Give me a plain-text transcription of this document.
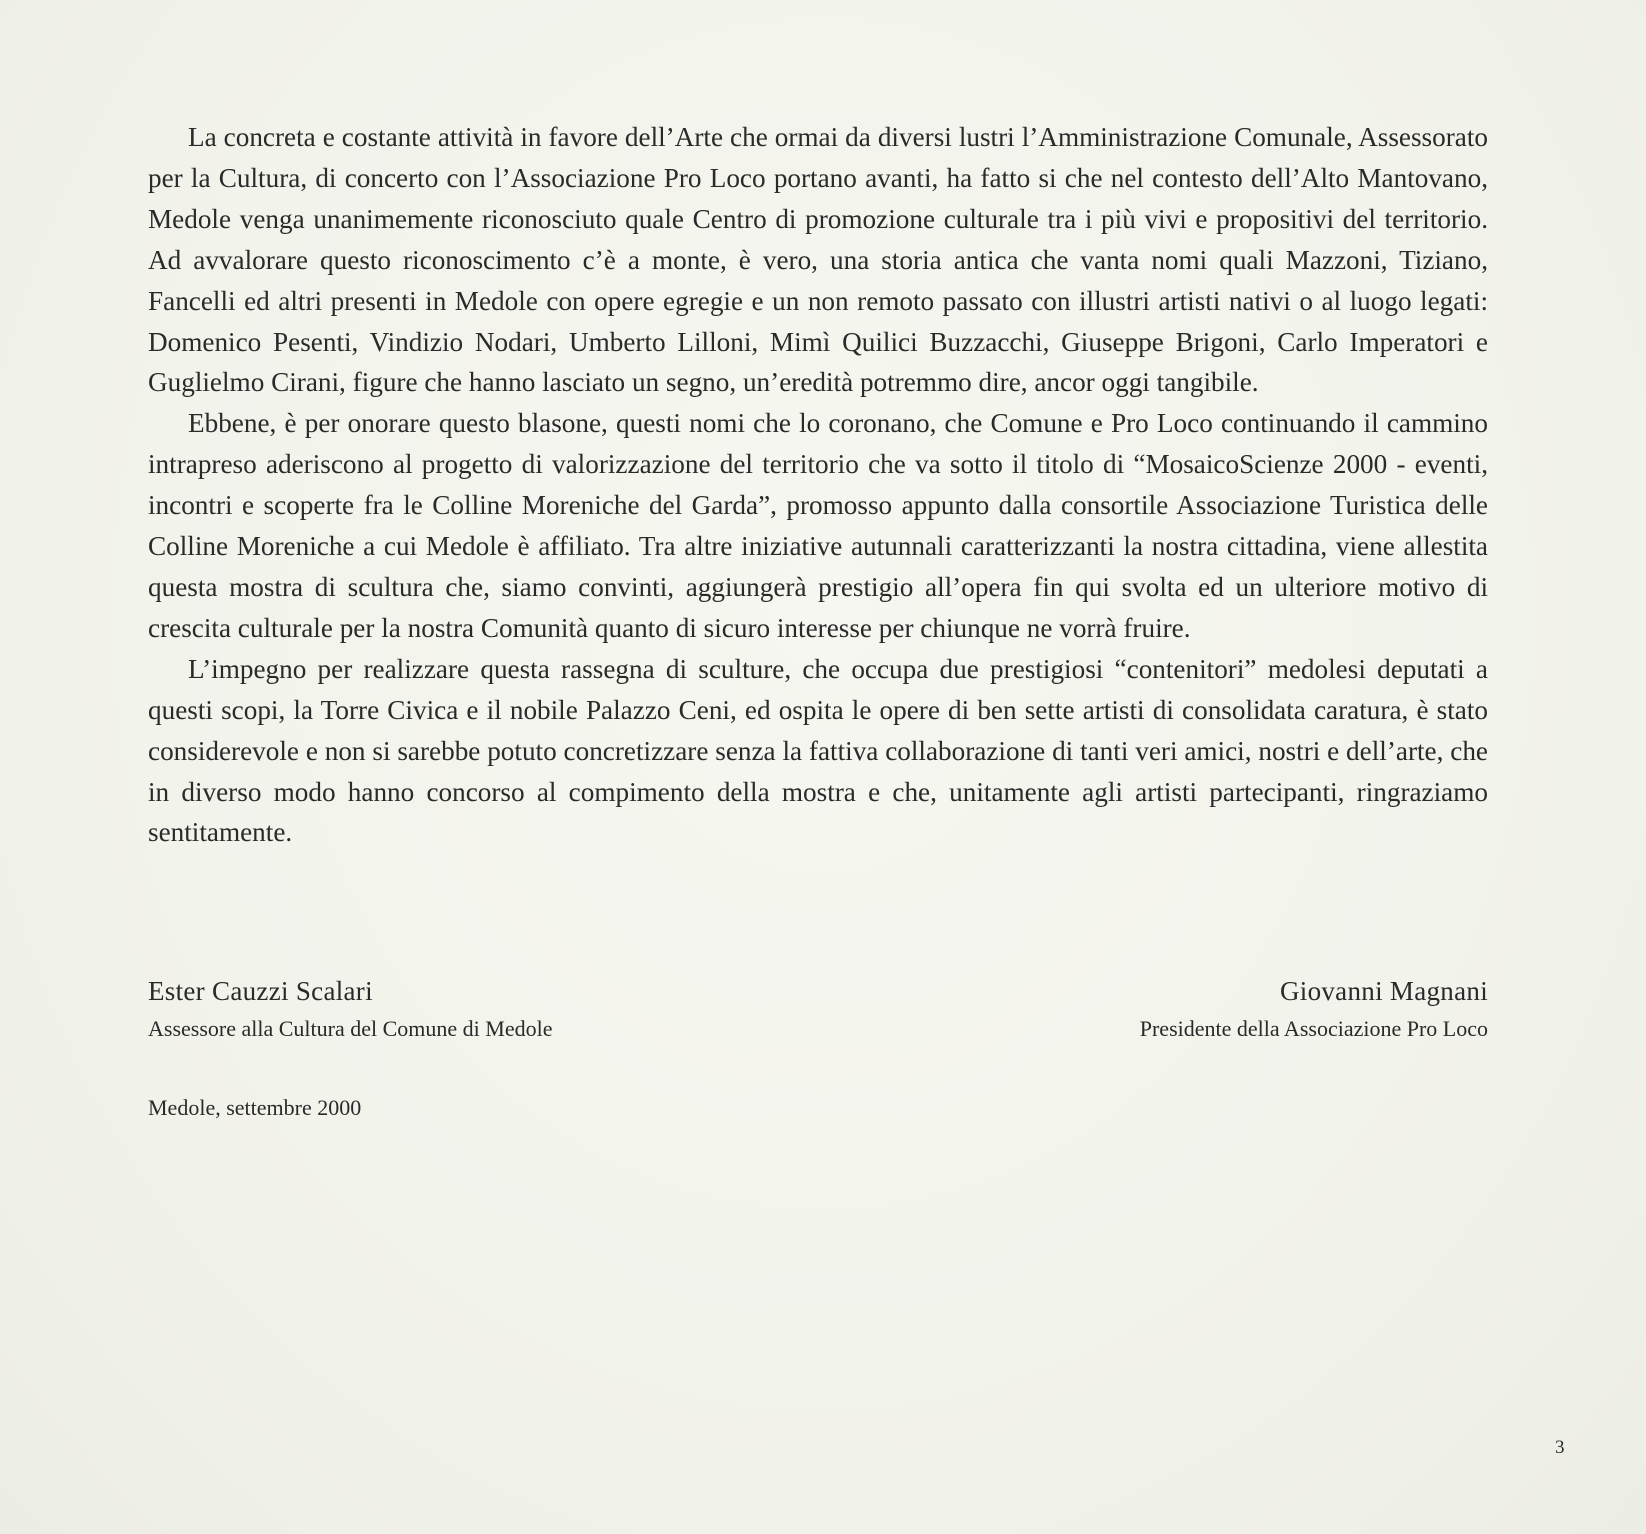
La concreta e costante attività in favore dell’Arte che ormai da diversi lustri l’Amministrazione Comunale, Assessorato per la Cultura, di concerto con l’Associazione Pro Loco portano avanti, ha fatto si che nel contesto dell’Alto Mantovano, Medole venga unanimemente riconosciuto quale Centro di promozione culturale tra i più vivi e propositivi del territorio. Ad avvalorare questo riconoscimento c’è a monte, è vero, una storia antica che vanta nomi quali Mazzoni, Tiziano, Fancelli ed altri presenti in Medole con opere egregie e un non remoto passato con illustri artisti nativi o al luogo legati: Domenico Pesenti, Vindizio Nodari, Umberto Lilloni, Mimì Quilici Buzzacchi, Giuseppe Brigoni, Carlo Imperatori e Guglielmo Cirani, figure che hanno lasciato un segno, un’eredità potremmo dire, ancor oggi tangibile.

Ebbene, è per onorare questo blasone, questi nomi che lo coronano, che Comune e Pro Loco continuando il cammino intrapreso aderiscono al progetto di valorizzazione del territorio che va sotto il titolo di “MosaicoScienze 2000 - eventi, incontri e scoperte fra le Colline Moreniche del Garda”, promosso appunto dalla consortile Associazione Turistica delle Colline Moreniche a cui Medole è affiliato. Tra altre iniziative autunnali caratterizzanti la nostra cittadina, viene allestita questa mostra di scultura che, siamo convinti, aggiungerà prestigio all’opera fin qui svolta ed un ulteriore motivo di crescita culturale per la nostra Comunità quanto di sicuro interesse per chiunque ne vorrà fruire.

L’impegno per realizzare questa rassegna di sculture, che occupa due prestigiosi “contenitori” medolesi deputati a questi scopi, la Torre Civica e il nobile Palazzo Ceni, ed ospita le opere di ben sette artisti di consolidata caratura, è stato considerevole e non si sarebbe potuto concretizzare senza la fattiva collaborazione di tanti veri amici, nostri e dell’arte, che in diverso modo hanno concorso al compimento della mostra e che, unitamente agli artisti partecipanti, ringraziamo sentitamente.

Ester Cauzzi Scalari
Assessore alla Cultura del Comune di Medole
Giovanni Magnani
Presidente della Associazione Pro Loco
Medole, settembre 2000
3
